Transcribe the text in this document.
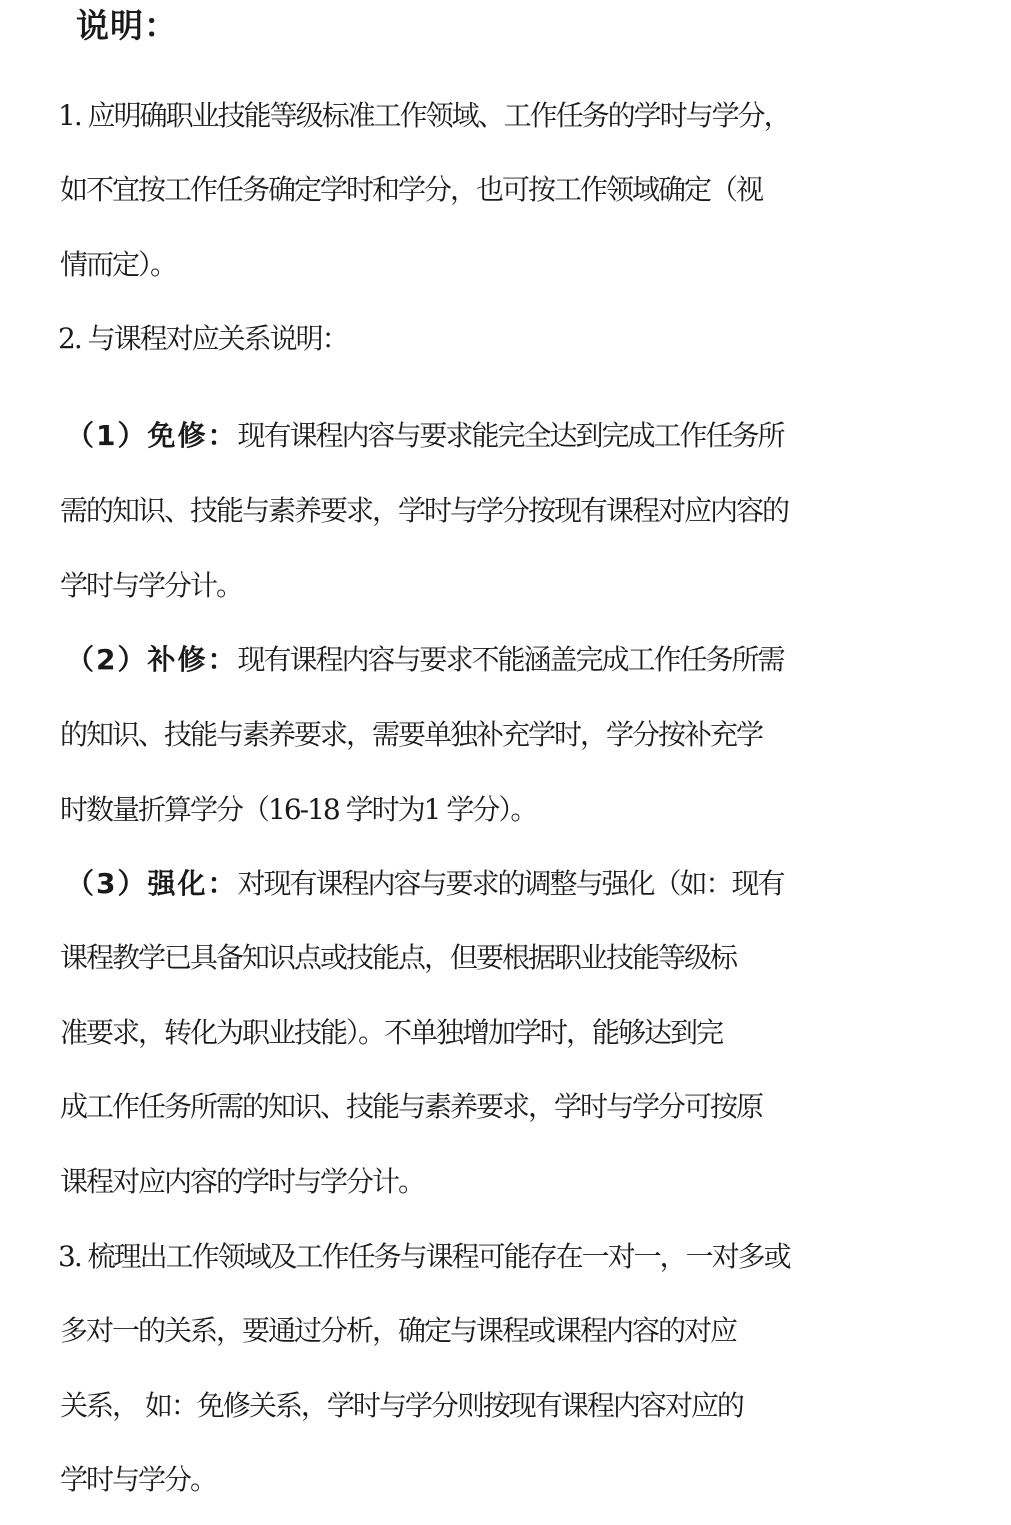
说明：

1. 应明确职业技能等级标准工作领域、工作任务的学时与学分，

如不宜按工作任务确定学时和学分，也可按工作领域确定（视

情而定）。

2. 与课程对应关系说明：

（1）免修：现有课程内容与要求能完全达到完成工作任务所

需的知识、技能与素养要求，学时与学分按现有课程对应内容的

学时与学分计。

（2）补修：现有课程内容与要求不能涵盖完成工作任务所需

的知识、技能与素养要求，需要单独补充学时，学分按补充学

时数量折算学分（16-18 学时为1 学分）。

（3）强化：对现有课程内容与要求的调整与强化（如：现有

课程教学已具备知识点或技能点，但要根据职业技能等级标

准要求，转化为职业技能）。不单独增加学时，能够达到完

成工作任务所需的知识、技能与素养要求，学时与学分可按原

课程对应内容的学时与学分计。

3. 梳理出工作领域及工作任务与课程可能存在一对一，一对多或

多对一的关系，要通过分析，确定与课程或课程内容的对应

关系， 如：免修关系，学时与学分则按现有课程内容对应的

学时与学分。
